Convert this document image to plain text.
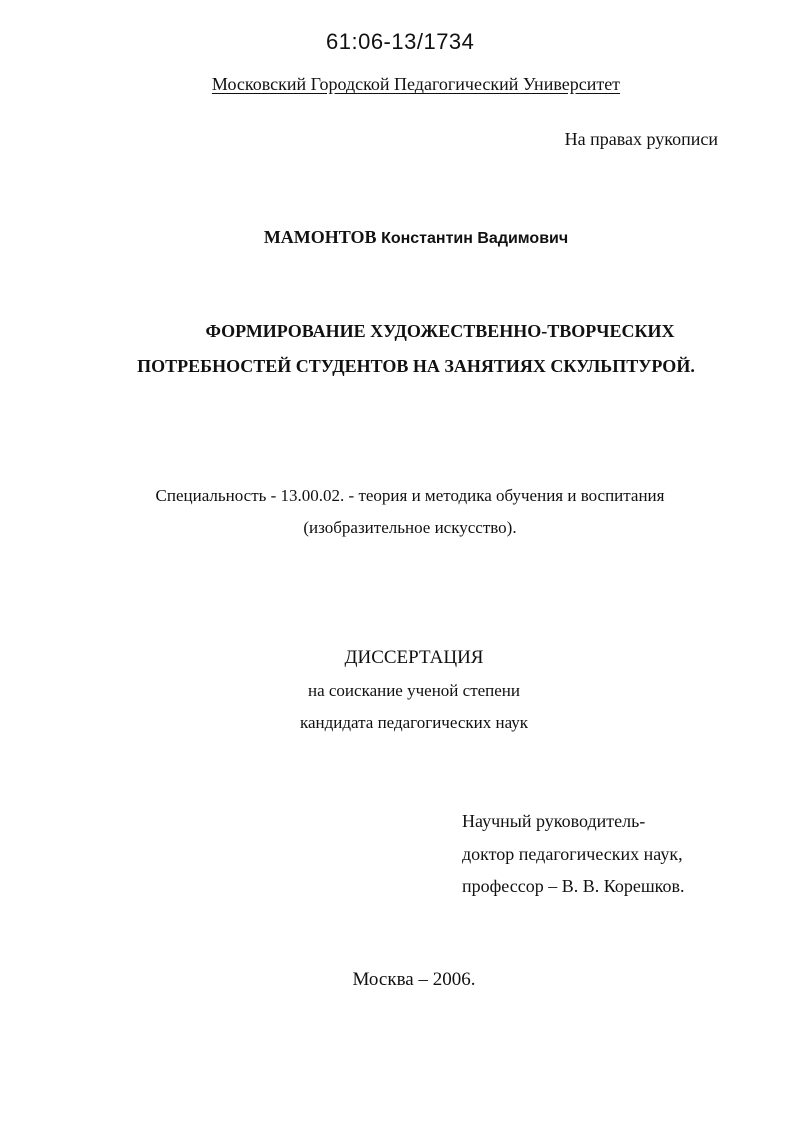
61:06-13/1734
Московский Городской Педагогический Университет
На правах рукописи
МАМОНТОВ Константин Вадимович
ФОРМИРОВАНИЕ ХУДОЖЕСТВЕННО-ТВОРЧЕСКИХ
ПОТРЕБНОСТЕЙ СТУДЕНТОВ НА ЗАНЯТИЯХ СКУЛЬПТУРОЙ.
Специальность - 13.00.02. - теория и методика обучения и воспитания
(изобразительное искусство).
ДИССЕРТАЦИЯ
на соискание ученой степени
кандидата педагогических наук
Научный руководитель-
доктор педагогических наук,
профессор – В. В. Корешков.
Москва – 2006.
